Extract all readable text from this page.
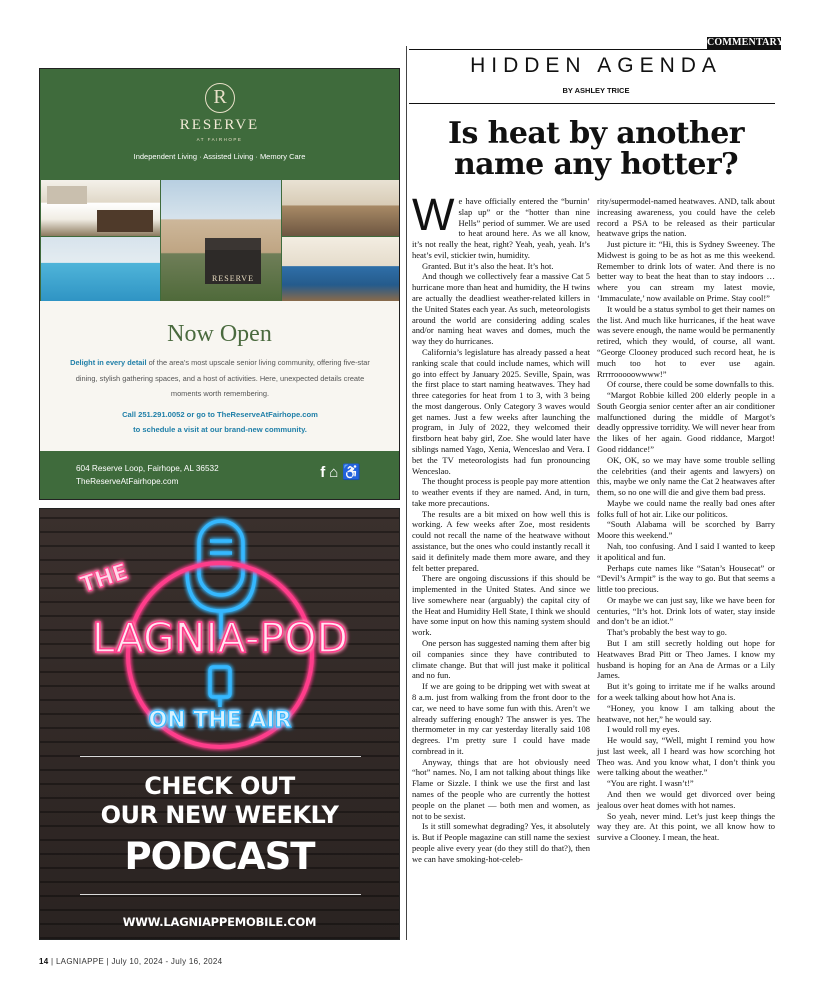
R
RESERVE
AT FAIRHOPE
Independent Living · Assisted Living · Memory Care
RESERVE
Now Open
Delight in every detail of the area's most upscale senior living community, offering five-star dining, stylish gathering spaces, and a host of activities. Here, unexpected details create moments worth remembering.
Call 251.291.0052 or go to TheReserveAtFairhope.com
to schedule a visit at our brand-new community.
604 Reserve Loop, Fairhope, AL 36532
TheReserveAtFairhope.com
f⌂♿
THE
LAGNIA-POD
ON THE AIR
CHECK OUT
OUR NEW WEEKLY
PODCAST
WWW.LAGNIAPPEMOBILE.COM
COMMENTARY
HIDDEN AGENDA
BY ASHLEY TRICE
Is heat by another name any hotter?
W e have officially entered the “burnin’ slap up” or the “hotter than nine Hells” period of summer. We are used to heat around here. As we all know, it’s not really the heat, right? Yeah, yeah, yeah. It’s heat’s evil, stickier twin, humidity.

Granted. But it’s also the heat. It’s hot.

And though we collectively fear a massive Cat 5 hurricane more than heat and humidity, the H twins are actually the deadliest weather-related killers in the United States each year. As such, meteorologists around the world are considering adding scales and/or naming heat waves and domes, much the way they do hurricanes.

California’s legislature has already passed a heat ranking scale that could include names, which will go into effect by January 2025. Seville, Spain, was the first place to start naming heatwaves. They had three categories for heat from 1 to 3, with 3 being the most dangerous. Only Category 3 waves would get names. Just a few weeks after launching the program, in July of 2022, they welcomed their firstborn heat baby girl, Zoe. She would later have siblings named Yago, Xenia, Wenceslao and Vera. I bet the TV meteorologists had fun pronouncing Wenceslao.

The thought process is people pay more attention to weather events if they are named. And, in turn, take more precautions.

The results are a bit mixed on how well this is working. A few weeks after Zoe, most residents could not recall the name of the heatwave without assistance, but the ones who could instantly recall it said it definitely made them more aware, and they felt better prepared.

There are ongoing discussions if this should be implemented in the United States. And since we live somewhere near (arguably) the capital city of the Heat and Humidity Hell State, I think we should have some input on how this naming system should work.

One person has suggested naming them after big oil companies since they have contributed to climate change. But that will just make it political and no fun.

If we are going to be dripping wet with sweat at 8 a.m. just from walking from the front door to the car, we need to have some fun with this. Aren’t we already suffering enough? The answer is yes. The thermometer in my car yesterday literally said 108 degrees. I’m pretty sure I could have made cornbread in it.

Anyway, things that are hot obviously need “hot” names. No, I am not talking about things like Flame or Sizzle. I think we use the first and last names of the people who are currently the hottest people on the planet — both men and women, as not to be sexist.

Is it still somewhat degrading? Yes, it absolutely is. But if People magazine can still name the sexiest people alive every year (do they still do that?), then we can have smoking-hot-celeb-

rity/supermodel-named heatwaves. AND, talk about increasing awareness, you could have the celeb record a PSA to be released as their particular heatwave grips the nation.

Just picture it: “Hi, this is Sydney Sweeney. The Midwest is going to be as hot as me this weekend. Remember to drink lots of water. And there is no better way to beat the heat than to stay indoors … where you can stream my latest movie, ‘Immaculate,’ now available on Prime. Stay cool!”

It would be a status symbol to get their names on the list. And much like hurricanes, if the heat wave was severe enough, the name would be permanently retired, which they would, of course, all want. “George Clooney produced such record heat, he is much too hot to ever use again. Rrrrrooooowwww!”

Of course, there could be some downfalls to this.

“Margot Robbie killed 200 elderly people in a South Georgia senior center after an air conditioner malfunctioned during the middle of Margot’s deadly oppressive torridity. We will never hear from the likes of her again. Good riddance, Margot! Good riddance!”

OK, OK, so we may have some trouble selling the celebrities (and their agents and lawyers) on this, maybe we only name the Cat 2 heatwaves after them, so no one will die and give them bad press.

Maybe we could name the really bad ones after folks full of hot air. Like our politicos.

“South Alabama will be scorched by Barry Moore this weekend.”

Nah, too confusing. And I said I wanted to keep it apolitical and fun.

Perhaps cute names like “Satan’s Housecat” or “Devil’s Armpit” is the way to go. But that seems a little too precious.

Or maybe we can just say, like we have been for centuries, “It’s hot. Drink lots of water, stay inside and don’t be an idiot.”

That’s probably the best way to go.

But I am still secretly holding out hope for Heatwaves Brad Pitt or Theo James. I know my husband is hoping for an Ana de Armas or a Lily James.

But it’s going to irritate me if he walks around for a week talking about how hot Ana is.

“Honey, you know I am talking about the heatwave, not her,” he would say.

I would roll my eyes.

He would say, “Well, might I remind you how just last week, all I heard was how scorching hot Theo was. And you know what, I don’t think you were talking about the weather.”

“You are right. I wasn’t!”

And then we would get divorced over being jealous over heat domes with hot names.

So yeah, never mind. Let’s just keep things the way they are. At this point, we all know how to survive a Clooney. I mean, the heat.

14 | LAGNIAPPE | July 10, 2024 - July 16, 2024
